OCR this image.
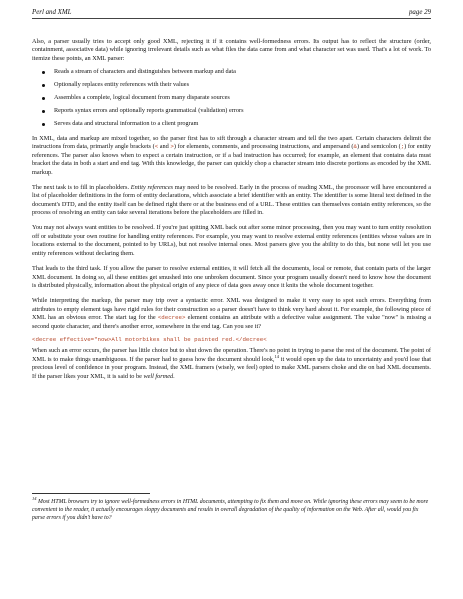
Perl and XML	page 29

Also, a parser usually tries to accept only good XML, rejecting it if it contains well-formedness errors. Its output has to reflect the structure (order, containment, associative data) while ignoring irrelevant details such as what files the data came from and what character set was used. That's a lot of work. To itemize these points, an XML parser:

Reads a stream of characters and distinguishes between markup and data
Optionally replaces entity references with their values
Assembles a complete, logical document from many disparate sources
Reports syntax errors and optionally reports grammatical (validation) errors
Serves data and structural information to a client program

In XML, data and markup are mixed together, so the parser first has to sift through a character stream and tell the two apart. Certain characters delimit the instructions from data, primarily angle brackets (< and >) for elements, comments, and processing instructions, and ampersand (&) and semicolon (;) for entity references. The parser also knows when to expect a certain instruction, or if a bad instruction has occurred; for example, an element that contains data must bracket the data in both a start and end tag. With this knowledge, the parser can quickly chop a character stream into discrete portions as encoded by the XML markup.

The next task is to fill in placeholders. Entity references may need to be resolved. Early in the process of reading XML, the processor will have encountered a list of placeholder definitions in the form of entity declarations, which associate a brief identifier with an entity. The identifier is some literal text defined in the document's DTD, and the entity itself can be defined right there or at the business end of a URL. These entities can themselves contain entity references, so the process of resolving an entity can take several iterations before the placeholders are filled in.

You may not always want entities to be resolved. If you're just spitting XML back out after some minor processing, then you may want to turn entity resolution off or substitute your own routine for handling entity references. For example, you may want to resolve external entity references (entities whose values are in locations external to the document, pointed to by URLs), but not resolve internal ones. Most parsers give you the ability to do this, but none will let you use entity references without declaring them.

That leads to the third task. If you allow the parser to resolve external entities, it will fetch all the documents, local or remote, that contain parts of the larger XML document. In doing so, all these entities get smushed into one unbroken document. Since your program usually doesn't need to know how the document is distributed physically, information about the physical origin of any piece of data goes away once it knits the whole document together.

While interpreting the markup, the parser may trip over a syntactic error. XML was designed to make it very easy to spot such errors. Everything from attributes to empty element tags have rigid rules for their construction so a parser doesn't have to think very hard about it. For example, the following piece of XML has an obvious error. The start tag for the <decree> element contains an attribute with a defective value assignment. The value "now" is missing a second quote character, and there's another error, somewhere in the end tag. Can you see it?

<decree effective="now>All motorbikes shall be painted red.</decree<

When such an error occurs, the parser has little choice but to shut down the operation. There's no point in trying to parse the rest of the document. The point of XML is to make things unambiguous. If the parser had to guess how the document should look,$^{14}$ it would open up the data to uncertainty and you'd lose that precious level of confidence in your program. Instead, the XML framers (wisely, we feel) opted to make XML parsers choke and die on bad XML documents. If the parser likes your XML, it is said to be well formed.

$^{14}$ Most HTML browsers try to ignore well-formedness errors in HTML documents, attempting to fix them and move on. While ignoring these errors may seem to be more convenient to the reader, it actually encourages sloppy documents and results in overall degradation of the quality of information on the Web. After all, would you fix parse errors if you didn't have to?
